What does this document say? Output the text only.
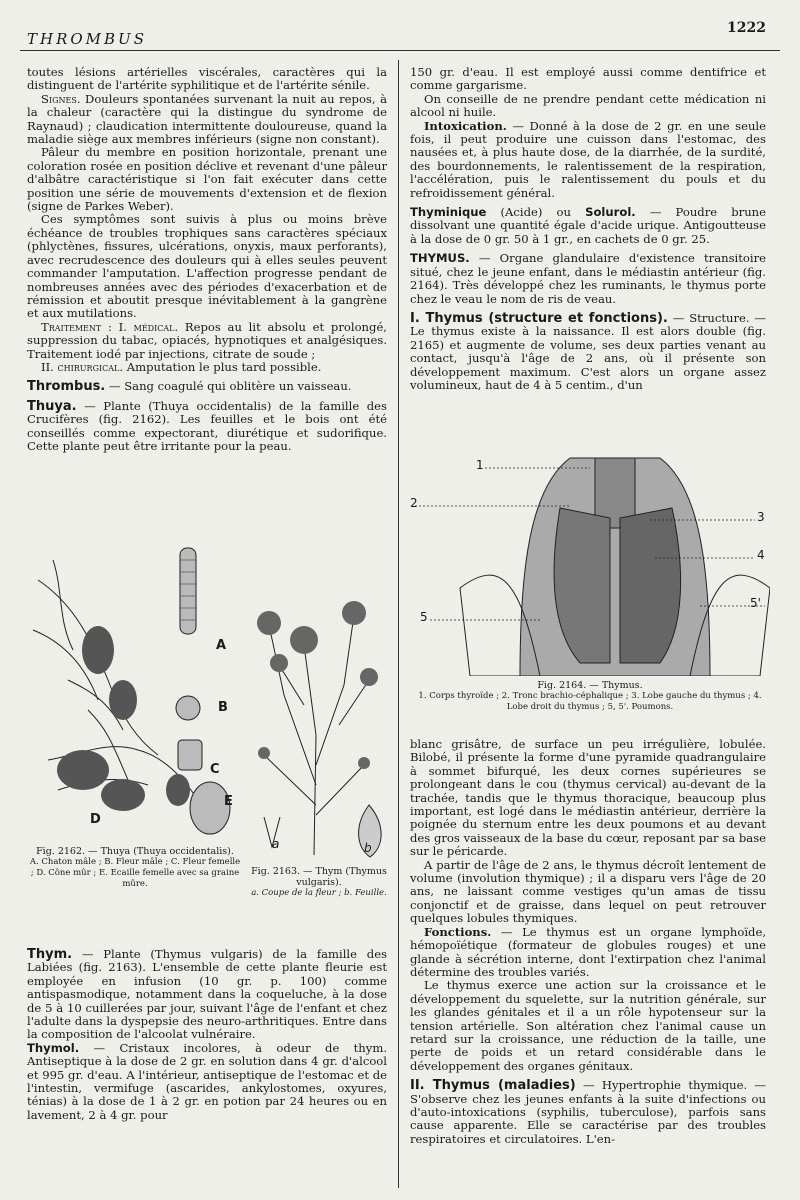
THROMBUS
1222

toutes lésions artérielles viscérales, caractères qui la distinguent de l'artérite syphilitique et de l'artérite sénile.

Signes. Douleurs spontanées survenant la nuit au repos, à la chaleur (caractère qui la distingue du syndrome de Raynaud) ; claudication intermittente douloureuse, quand la maladie siège aux membres inférieurs (signe non constant).

Pâleur du membre en position horizontale, prenant une coloration rosée en position déclive et revenant d'une pâleur d'albâtre caractéristique si l'on fait exécuter dans cette position une série de mouvements d'extension et de flexion (signe de Parkes Weber).

Ces symptômes sont suivis à plus ou moins brève échéance de troubles trophiques sans caractères spéciaux (phlyctènes, fissures, ulcérations, onyxis, maux perforants), avec recrudescence des douleurs qui à elles seules peuvent commander l'amputation. L'affection progresse pendant de nombreuses années avec des périodes d'exacerbation et de rémission et aboutit presque inévitablement à la gangrène et aux mutilations.

Traitement : I. médical. Repos au lit absolu et prolongé, suppression du tabac, opiacés, hypnotiques et analgésiques. Traitement iodé par injections, citrate de soude ;

II. chirurgical. Amputation le plus tard possible.

Thrombus. — Sang coagulé qui oblitère un vaisseau.

Thuya. — Plante (Thuya occidentalis) de la famille des Crucifères (fig. 2162). Les feuilles et le bois ont été conseillés comme expectorant, diurétique et sudorifique. Cette plante peut être irritante pour la peau.

A
B
C
D
E
Fig. 2162. — Thuya (Thuya occidentalis).
A. Chaton mâle ; B. Fleur mâle ; C. Fleur femelle ; D. Cône mûr ; E. Ecaille femelle avec sa graine mûre.
a	b
Fig. 2163. — Thym (Thymus vulgaris).
a. Coupe de la fleur ; b. Feuille.

Thym. — Plante (Thymus vulgaris) de la famille des Labiées (fig. 2163). L'ensemble de cette plante fleurie est employée en infusion (10 gr. p. 100) comme antispasmodique, notamment dans la coqueluche, à la dose de 5 à 10 cuillerées par jour, suivant l'âge de l'enfant et chez l'adulte dans la dyspepsie des neuro-arthritiques. Entre dans la composition de l'alcoolat vulnéraire.

Thymol. — Cristaux incolores, à odeur de thym. Antiseptique à la dose de 2 gr. en solution dans 4 gr. d'alcool et 995 gr. d'eau. A l'intérieur, antiseptique de l'estomac et de l'intestin, vermifuge (ascarides, ankylostomes, oxyures, ténias) à la dose de 1 à 2 gr. en potion par 24 heures ou en lavement, 2 à 4 gr. pour

150 gr. d'eau. Il est employé aussi comme dentifrice et comme gargarisme.

On conseille de ne prendre pendant cette médication ni alcool ni huile.

Intoxication. — Donné à la dose de 2 gr. en une seule fois, il peut produire une cuisson dans l'estomac, des nausées et, à plus haute dose, de la diarrhée, de la surdité, des bourdonnements, le ralentissement de la respiration, l'accélération, puis le ralentissement du pouls et du refroidissement général.

Thyminique (Acide) ou Solurol. — Poudre brune dissolvant une quantité égale d'acide urique. Antigoutteuse à la dose de 0 gr. 50 à 1 gr., en cachets de 0 gr. 25.

THYMUS. — Organe glandulaire d'existence transitoire situé, chez le jeune enfant, dans le médiastin antérieur (fig. 2164). Très développé chez les ruminants, le thymus porte chez le veau le nom de ris de veau.

I. Thymus (structure et fonctions). — Structure. — Le thymus existe à la naissance. Il est alors double (fig. 2165) et augmente de volume, ses deux parties venant au contact, jusqu'à l'âge de 2 ans, où il présente son développement maximum. C'est alors un organe assez volumineux, haut de 4 à 5 centim., d'un

1
2
3
4
5
5'
Fig. 2164. — Thymus.
1. Corps thyroïde ; 2. Tronc brachio-céphalique ; 3. Lobe gauche du thymus ; 4. Lobe droit du thymus ; 5, 5'. Poumons.

blanc grisâtre, de surface un peu irrégulière, lobulée. Bilobé, il présente la forme d'une pyramide quadrangulaire à sommet bifurqué, les deux cornes supérieures se prolongeant dans le cou (thymus cervical) au-devant de la trachée, tandis que le thymus thoracique, beaucoup plus important, est logé dans le médiastin antérieur, derrière la poignée du sternum entre les deux poumons et au devant des gros vaisseaux de la base du cœur, reposant par sa base sur le péricarde.

A partir de l'âge de 2 ans, le thymus décroît lentement de volume (involution thymique) ; il a disparu vers l'âge de 20 ans, ne laissant comme vestiges qu'un amas de tissu conjonctif et de graisse, dans lequel on peut retrouver quelques lobules thymiques.

Fonctions. — Le thymus est un organe lymphoïde, hémopoïétique (formateur de globules rouges) et une glande à sécrétion interne, dont l'extirpation chez l'animal détermine des troubles variés.

Le thymus exerce une action sur la croissance et le développement du squelette, sur la nutrition générale, sur les glandes génitales et il a un rôle hypotenseur sur la tension artérielle. Son altération chez l'animal cause un retard sur la croissance, une réduction de la taille, une perte de poids et un retard considérable dans le développement des organes génitaux.

II. Thymus (maladies) — Hypertrophie thymique. — S'observe chez les jeunes enfants à la suite d'infections ou d'auto-intoxications (syphilis, tuberculose), parfois sans cause apparente. Elle se caractérise par des troubles respiratoires et circulatoires. L'en-
